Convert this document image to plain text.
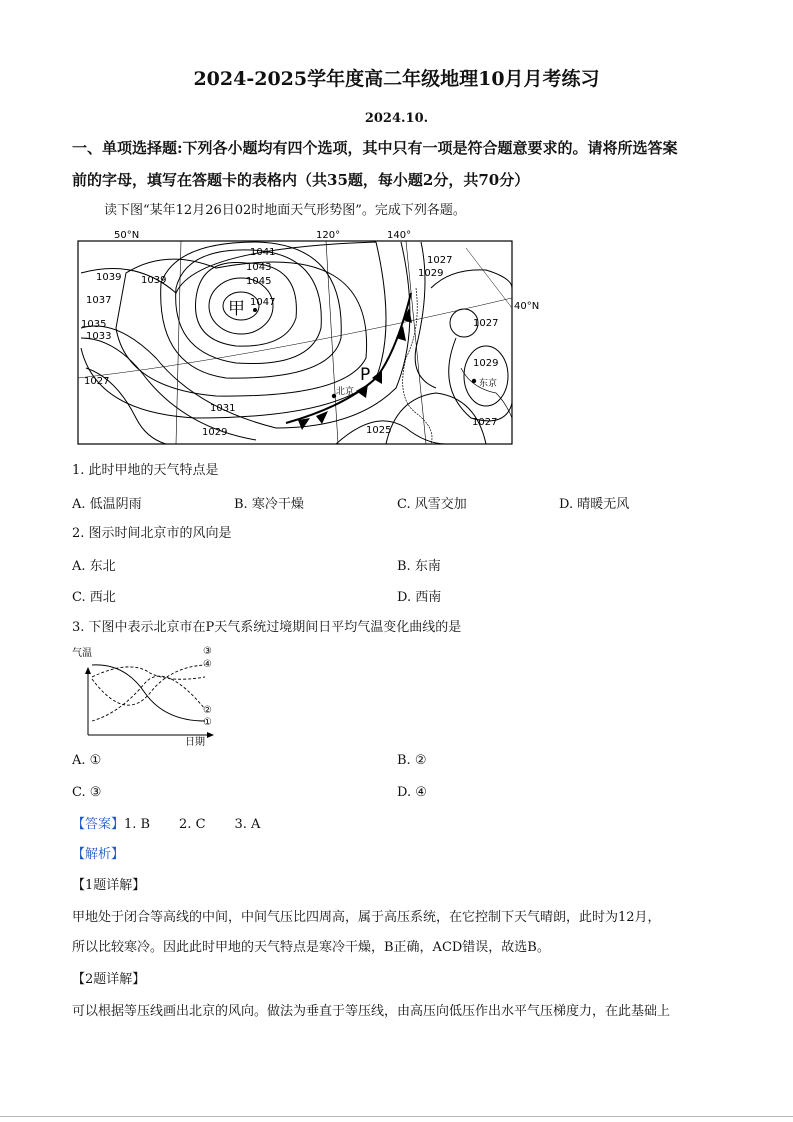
2024-2025学年度高二年级地理10月月考练习
2024.10.
一、单项选择题:下列各小题均有四个选项，其中只有一项是符合题意要求的。请将所选答案
前的字母，填写在答题卡的表格内（共35题，每小题2分，共70分）
读下图“某年12月26日02时地面天气形势图”。完成下列各题。
50°N	120°	140°
40°N
甲
P
北京
东京
1041
1043
1045
1047
1039 1039
1037
1035
1033
1027
1031
1029	1025
1027
1029
1027
1029
1027
1. 此时甲地的天气特点是
A. 低温阴雨	B. 寒冷干燥	C. 风雪交加	D. 晴暖无风
2. 图示时间北京市的风向是
A. 东北	B. 东南
C. 西北	D. 西南
3. 下图中表示北京市在P天气系统过境期间日平均气温变化曲线的是
气温
日期
③
④
②
①
A. ①	B. ②
C. ③	D. ④
【答案】1. B       2. C       3. A
【解析】
【1题详解】
甲地处于闭合等高线的中间，中间气压比四周高，属于高压系统，在它控制下天气晴朗，此时为12月，
所以比较寒冷。因此此时甲地的天气特点是寒冷干燥，B正确，ACD错误，故选B。
【2题详解】
可以根据等压线画出北京的风向。做法为垂直于等压线，由高压向低压作出水平气压梯度力，在此基础上
